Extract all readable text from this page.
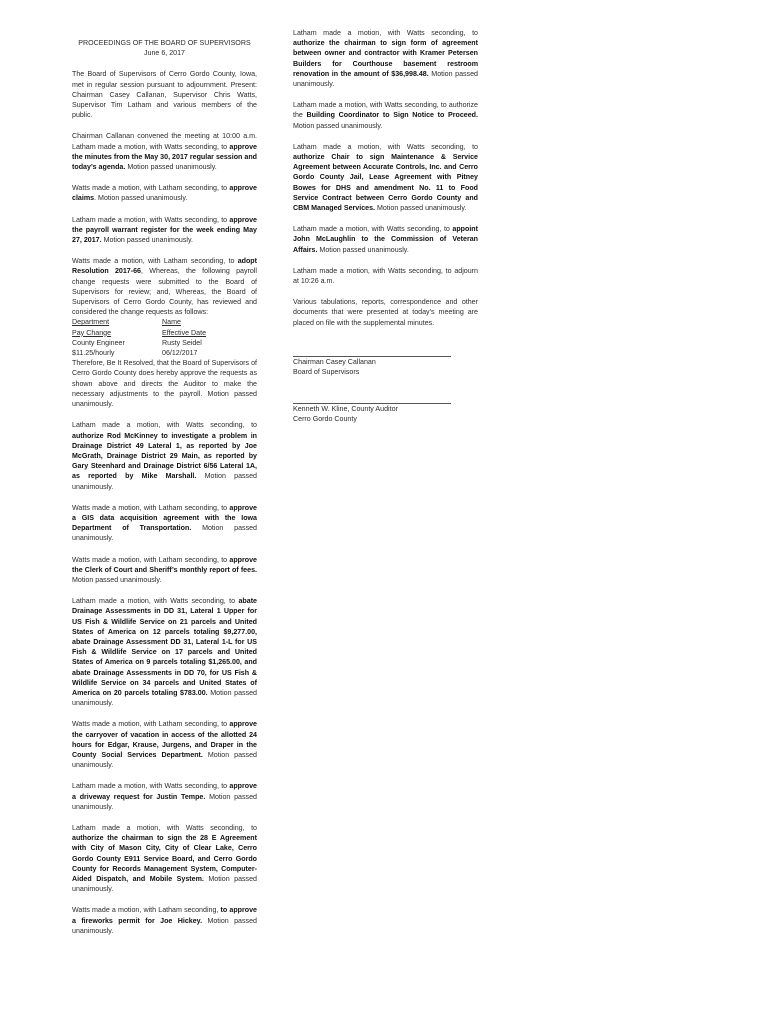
PROCEEDINGS OF THE BOARD OF SUPERVISORS

June 6, 2017

The Board of Supervisors of Cerro Gordo County, Iowa, met in regular session pursuant to adjournment. Present: Chairman Casey Callanan, Supervisor Chris Watts, Supervisor Tim Latham and various members of the public.

Chairman Callanan convened the meeting at 10:00 a.m. Latham made a motion, with Watts seconding, to approve the minutes from the May 30, 2017 regular session and today’s agenda. Motion passed unanimously.

Watts made a motion, with Latham seconding, to approve claims. Motion passed unanimously.

Latham made a motion, with Watts seconding, to approve the payroll warrant register for the week ending May 27, 2017. Motion passed unanimously.

Watts made a motion, with Latham seconding, to adopt Resolution 2017-66, Whereas, the following payroll change requests were submitted to the Board of Supervisors for review; and, Whereas, the Board of Supervisors of Cerro Gordo County, has reviewed and considered the change requests as follows:

Department	Name
Pay Change	Effective Date
County Engineer	Rusty Seidel
$11.25/hourly	06/12/2017

Therefore, Be It Resolved, that the Board of Supervisors of Cerro Gordo County does hereby approve the requests as shown above and directs the Auditor to make the necessary adjustments to the payroll. Motion passed unanimously.

Latham made a motion, with Watts seconding, to authorize Rod McKinney to investigate a problem in Drainage District 49 Lateral 1, as reported by Joe McGrath, Drainage District 29 Main, as reported by Gary Steenhard and Drainage District 6/56 Lateral 1A, as reported by Mike Marshall. Motion passed unanimously.

Watts made a motion, with Latham seconding, to approve a GIS data acquisition agreement with the Iowa Department of Transportation. Motion passed unanimously.

Watts made a motion, with Latham seconding, to approve the Clerk of Court and Sheriff’s monthly report of fees. Motion passed unanimously.

Latham made a motion, with Watts seconding, to abate Drainage Assessments in DD 31, Lateral 1 Upper for US Fish & Wildlife Service on 21 parcels and United States of America on 12 parcels totaling $9,277.00, abate Drainage Assessment DD 31, Lateral 1-L for US Fish & Wildlife Service on 17 parcels and United States of America on 9 parcels totaling $1,265.00, and abate Drainage Assessments in DD 70, for US Fish & Wildlife Service on 34 parcels and United States of America on 20 parcels totaling $783.00. Motion passed unanimously.

Watts made a motion, with Latham seconding, to approve the carryover of vacation in access of the allotted 24 hours for Edgar, Krause, Jurgens, and Draper in the County Social Services Department. Motion passed unanimously.

Latham made a motion, with Watts seconding, to approve a driveway request for Justin Tempe. Motion passed unanimously.

Latham made a motion, with Watts seconding, to authorize the chairman to sign the 28 E Agreement with City of Mason City, City of Clear Lake, Cerro Gordo County E911 Service Board, and Cerro Gordo County for Records Management System, Computer-Aided Dispatch, and Mobile System. Motion passed unanimously.

Watts made a motion, with Latham seconding, to approve a fireworks permit for Joe Hickey. Motion passed unanimously.

Latham made a motion, with Watts seconding, to authorize the chairman to sign form of agreement between owner and contractor with Kramer Petersen Builders for Courthouse basement restroom renovation in the amount of $36,998.48. Motion passed unanimously.

Latham made a motion, with Watts seconding, to authorize the Building Coordinator to Sign Notice to Proceed. Motion passed unanimously.

Latham made a motion, with Watts seconding, to authorize Chair to sign Maintenance & Service Agreement between Accurate Controls, Inc. and Cerro Gordo County Jail, Lease Agreement with Pitney Bowes for DHS and amendment No. 11 to Food Service Contract between Cerro Gordo County and CBM Managed Services. Motion passed unanimously.

Latham made a motion, with Watts seconding, to appoint John McLaughlin to the Commission of Veteran Affairs. Motion passed unanimously.

Latham made a motion, with Watts seconding, to adjourn at 10:26 a.m.

Various tabulations, reports, correspondence and other documents that were presented at today’s meeting are placed on file with the supplemental minutes.

Chairman Casey Callanan

Board of Supervisors

Kenneth W. Kline, County Auditor

Cerro Gordo County
